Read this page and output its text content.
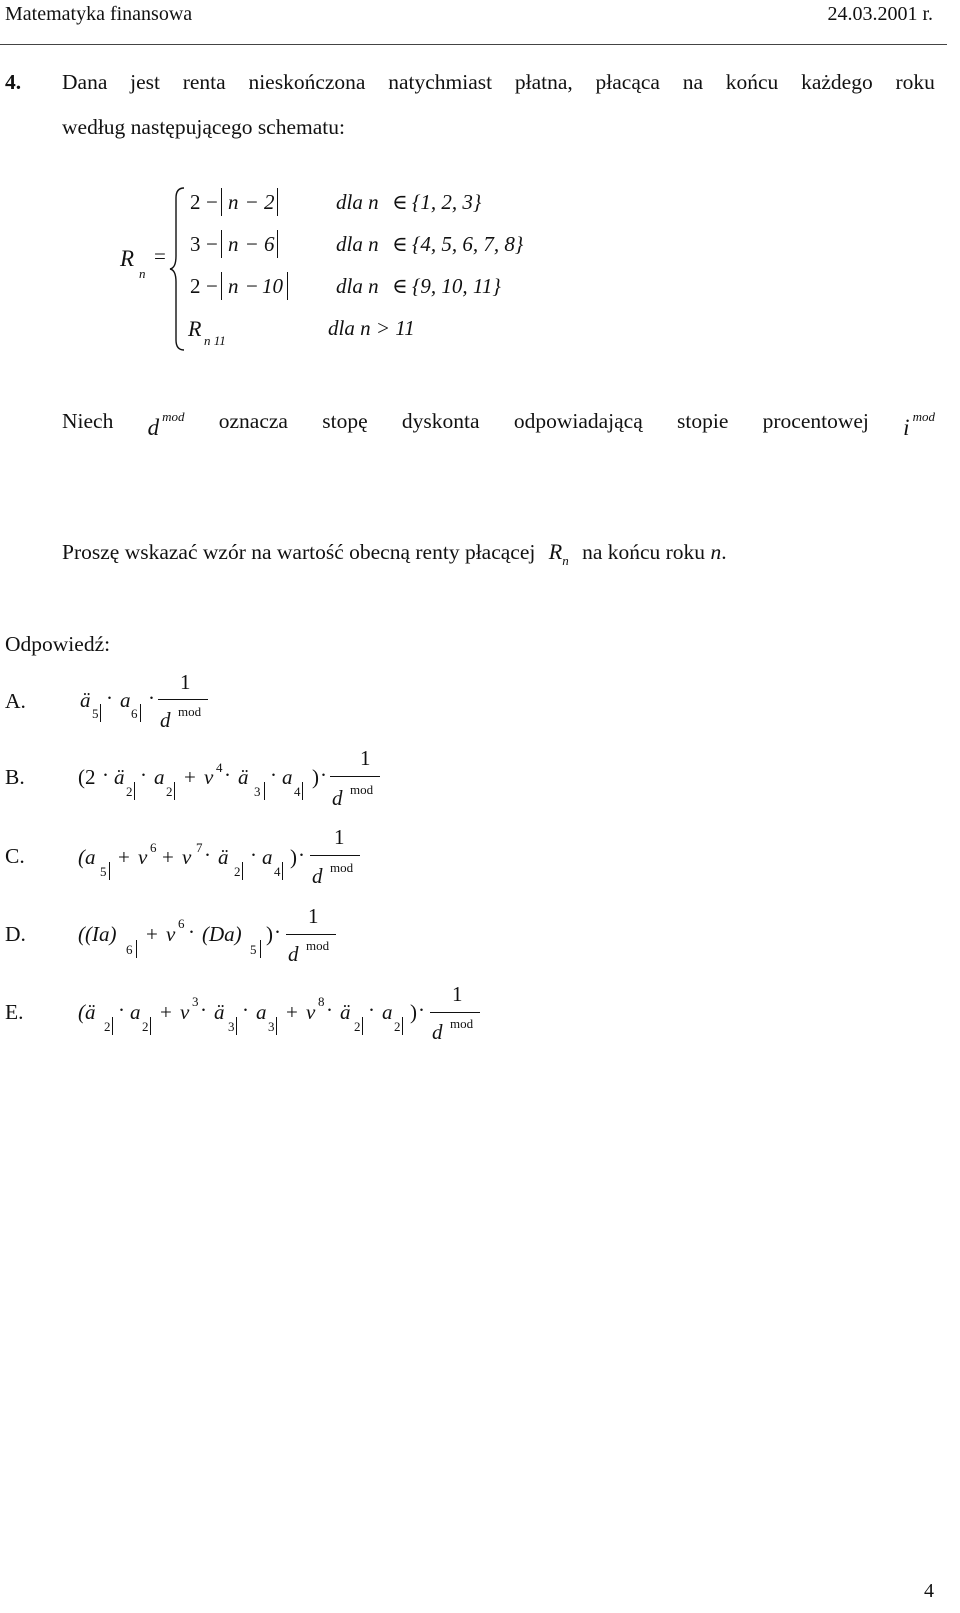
Matematyka finansowa	24.03.2001 r.
4. Dana jest renta nieskończona natychmiast płatna, płacąca na końcu każdego roku
według następującego schematu:
R
n
=
2 − n − 2	dla n ∈ {1, 2, 3}
3 − n − 6	dla n ∈ {4, 5, 6, 7, 8}
2 − n − 10	dla n ∈ {9, 10, 11}
R n 11
dla n > 11
Niech d $^{mod}$ oznacza stopę dyskonta odpowiadającą stopie procentowej i $^{mod}$
Proszę wskazać wzór na wartość obecną renty płacącej $R_n$ na końcu roku n.
Odpowiedź:
A.	ä
5
· a
6
·
1
d mod
B.	(2 · ä
2
· a
2
+ v 4 · ä
3
· a
4
) ·
1
d mod
C.	(a
5
+ v 6 + v 7 · ä
2
· a
4
) ·
1
d mod
D. ((Ia)
6
+ v 6 · (Da)
5
) ·
1
d mod
E.	(ä
2
· a
2
+ v 3 · ä
3
· a
3
+ v 8 · ä
2
· a
2
) ·
1
d mod
4
